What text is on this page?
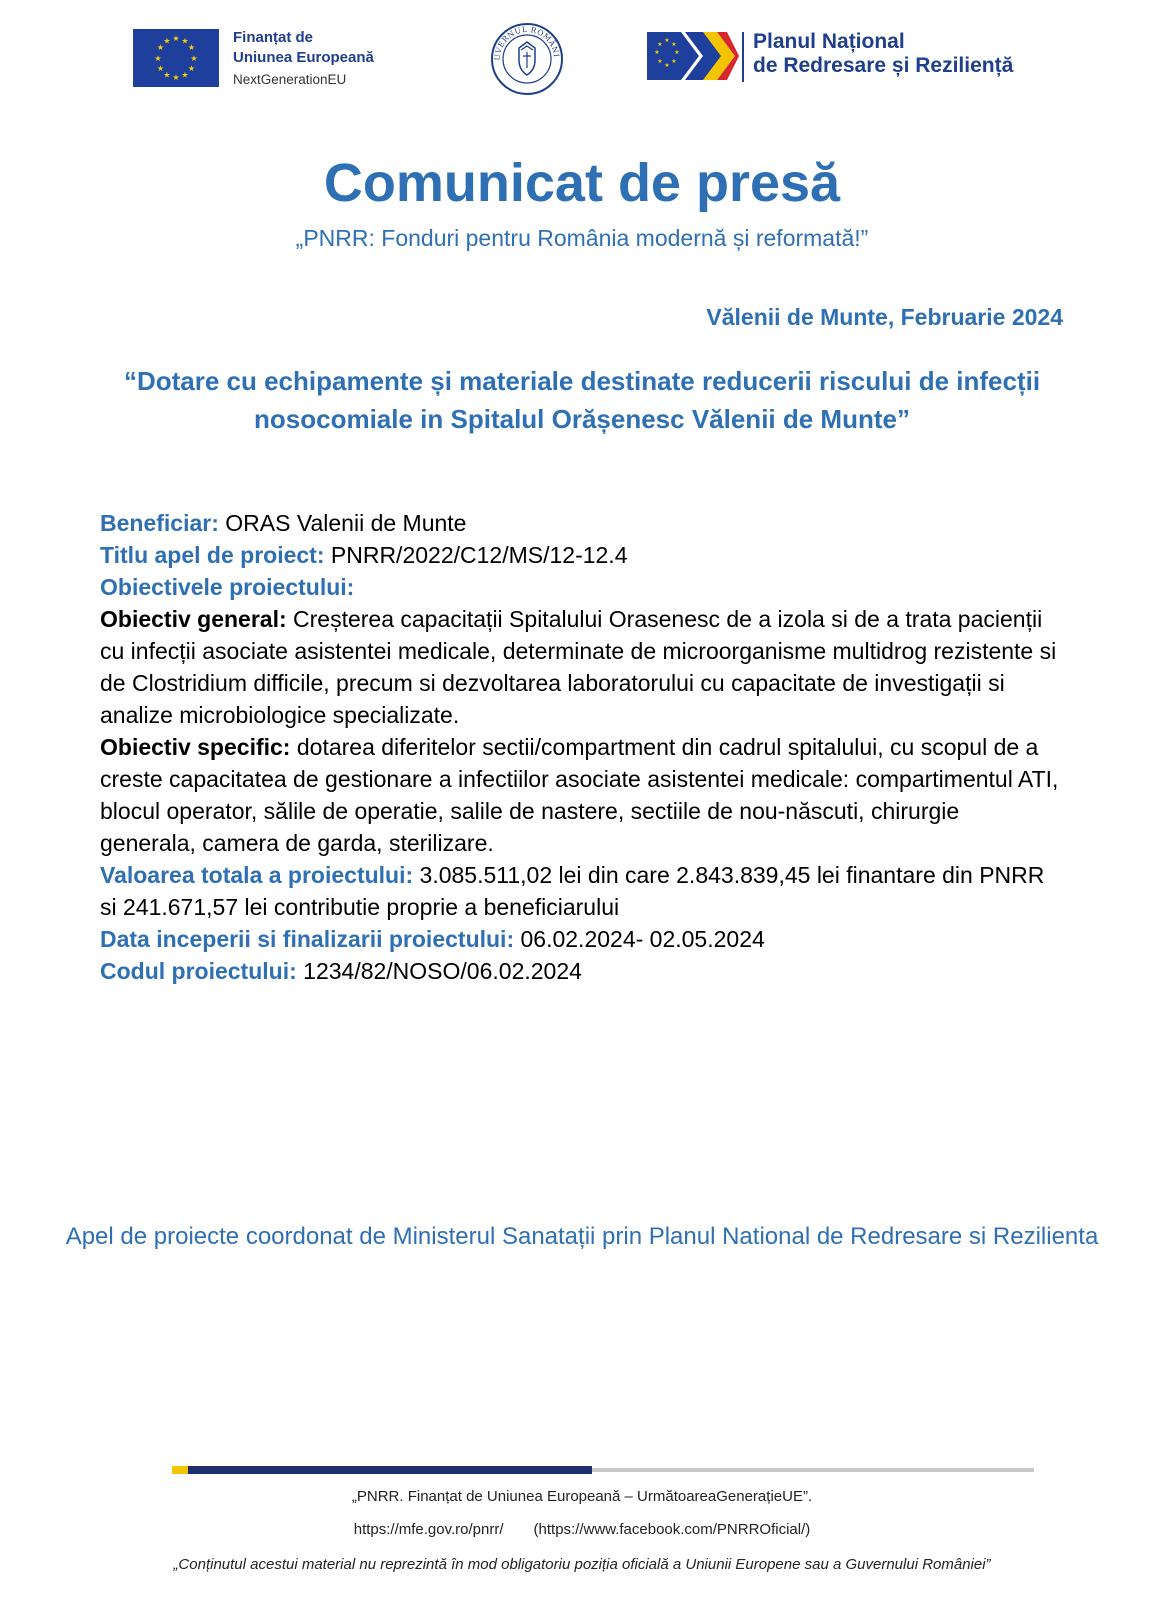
★ ★
★
★
★
★
★
★
★
★
★
★	Finanțat de
Uniunea Europeană
NextGenerationEU
UVERNUL ROMÂNI
★
★
★
★
★
★
★
★	Planul Național
de Redresare și Reziliență
Comunicat de presă
„PNRR: Fonduri pentru România modernă și reformată!”
Vălenii de Munte, Februarie 2024
“Dotare cu echipamente și materiale destinate reducerii riscului de infecții nosocomiale in Spitalul Orășenesc Vălenii de Munte”

Beneficiar: ORAS Valenii de Munte

Titlu apel de proiect: PNRR/2022/C12/MS/12-12.4

Obiectivele proiectului:

Obiectiv general: Creșterea capacitații Spitalului Orasenesc de a izola si de a trata pacienții cu infecții asociate asistentei medicale, determinate de microorganisme multidrog rezistente si de Clostridium difficile, precum si dezvoltarea laboratorului cu capacitate de investigații si analize microbiologice specializate.

Obiectiv specific: dotarea diferitelor sectii/compartment din cadrul spitalului, cu scopul de a creste capacitatea de gestionare a infectiilor asociate asistentei medicale: compartimentul ATI, blocul operator, sălile de operatie, salile de nastere, sectiile de nou-născuti, chirurgie generala, camera de garda, sterilizare.

Valoarea totala a proiectului: 3.085.511,02 lei din care 2.843.839,45 lei finantare din PNRR si 241.671,57 lei contributie proprie a beneficiarului

Data inceperii si finalizarii proiectului: 06.02.2024- 02.05.2024

Codul proiectului: 1234/82/NOSO/06.02.2024

Apel de proiecte coordonat de Ministerul Sanatații prin Planul National de Redresare si Rezilienta
„PNRR. Finanțat de Uniunea Europeană – UrmătoareaGenerațieUE”.
https://mfe.gov.ro/pnrr/ (https://www.facebook.com/PNRROficial/)
„Conținutul acestui material nu reprezintă în mod obligatoriu poziția oficială a Uniunii Europene sau a Guvernului României”
